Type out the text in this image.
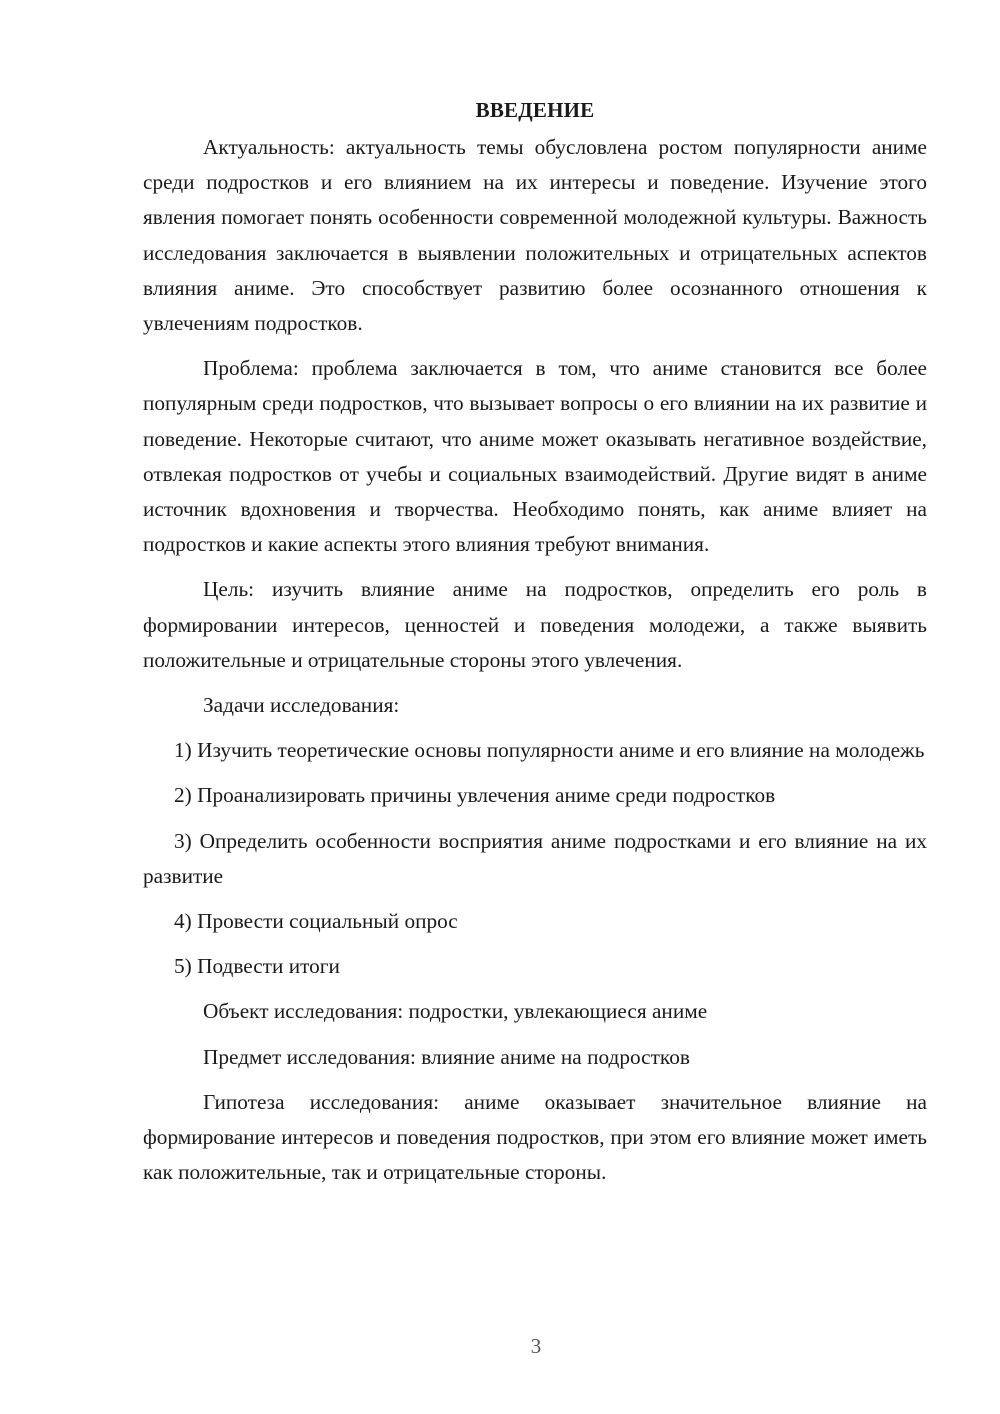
ВВЕДЕНИЕ

Актуальность: актуальность темы обусловлена ростом популярности аниме среди подростков и его влиянием на их интересы и поведение. Изучение этого явления помогает понять особенности современной молодежной культуры. Важность исследования заключается в выявлении положительных и отрицательных аспектов влияния аниме. Это способствует развитию более осознанного отношения к увлечениям подростков.

Проблема: проблема заключается в том, что аниме становится все более популярным среди подростков, что вызывает вопросы о его влиянии на их развитие и поведение. Некоторые считают, что аниме может оказывать негативное воздействие, отвлекая подростков от учебы и социальных взаимодействий. Другие видят в аниме источник вдохновения и творчества. Необходимо понять, как аниме влияет на подростков и какие аспекты этого влияния требуют внимания.

Цель: изучить влияние аниме на подростков, определить его роль в формировании интересов, ценностей и поведения молодежи, а также выявить положительные и отрицательные стороны этого увлечения.

Задачи исследования:

1) Изучить теоретические основы популярности аниме и его влияние на молодежь

2) Проанализировать причины увлечения аниме среди подростков

3) Определить особенности восприятия аниме подростками и его влияние на их развитие

4) Провести социальный опрос

5) Подвести итоги

Объект исследования: подростки, увлекающиеся аниме

Предмет исследования: влияние аниме на подростков

Гипотеза исследования: аниме оказывает значительное влияние на формирование интересов и поведения подростков, при этом его влияние может иметь как положительные, так и отрицательные стороны.

3
